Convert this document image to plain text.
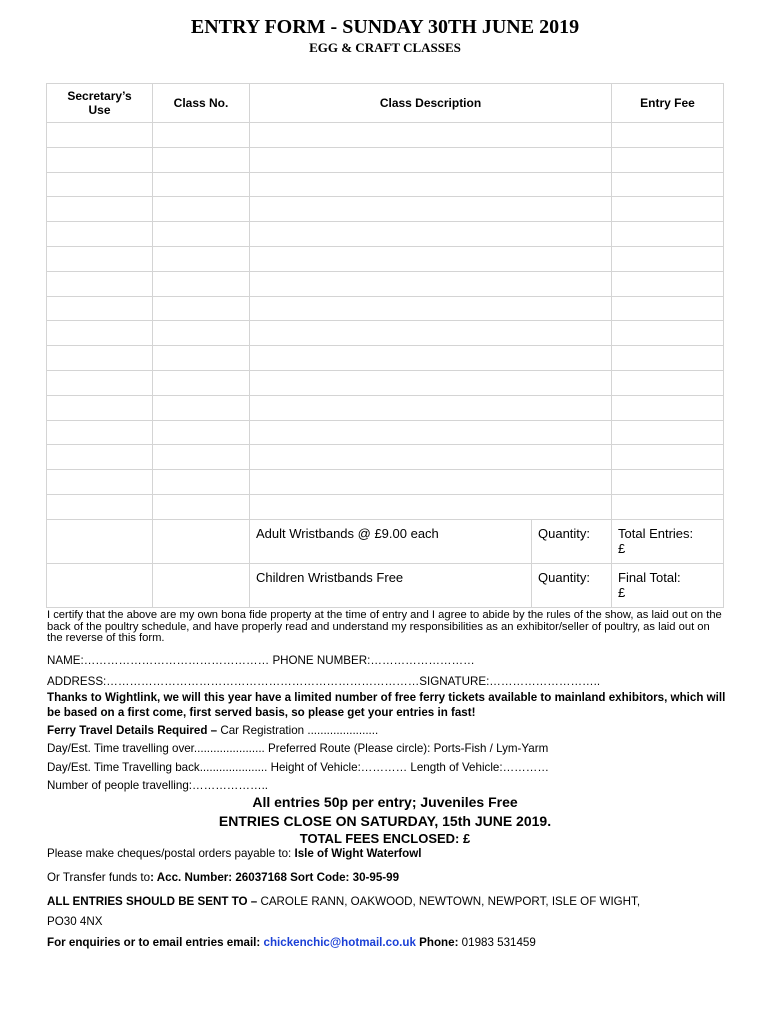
ENTRY FORM - SUNDAY 30TH JUNE 2019
EGG & CRAFT CLASSES
Secretary’s Use	Class No.	Class Description		Entry Fee

		Adult Wristbands @ £9.00 each	Quantity:	Total Entries:
£
		Children Wristbands Free	Quantity:	Final Total:
£
I certify that the above are my own bona fide property at the time of entry and I agree to abide by the rules of the show, as laid out on the back of the poultry schedule, and have properly read and understand my responsibilities as an exhibitor/seller of poultry, as laid out on the reverse of this form.
NAME:………………………………………… PHONE NUMBER:………………………
ADDRESS:………………………………………………………………………SIGNATURE:………………………..
Thanks to Wightlink, we will this year have a limited number of free ferry tickets available to mainland exhibitors, which will be based on a first come, first served basis, so please get your entries in fast!
Ferry Travel Details Required – Car Registration ......................
Day/Est. Time travelling over...................... Preferred Route (Please circle): Ports-Fish / Lym-Yarm
Day/Est. Time Travelling back..................... Height of Vehicle:………… Length of Vehicle:…………
Number of people travelling:………………..
All entries 50p per entry; Juveniles Free
ENTRIES CLOSE ON SATURDAY, 15th JUNE 2019.
TOTAL FEES ENCLOSED: £
Please make cheques/postal orders payable to: Isle of Wight Waterfowl
Or Transfer funds to: Acc. Number: 26037168 Sort Code: 30-95-99
ALL ENTRIES SHOULD BE SENT TO – CAROLE RANN, OAKWOOD, NEWTOWN, NEWPORT, ISLE OF WIGHT,
PO30 4NX
For enquiries or to email entries email: chickenchic@hotmail.co.uk Phone: 01983 531459
